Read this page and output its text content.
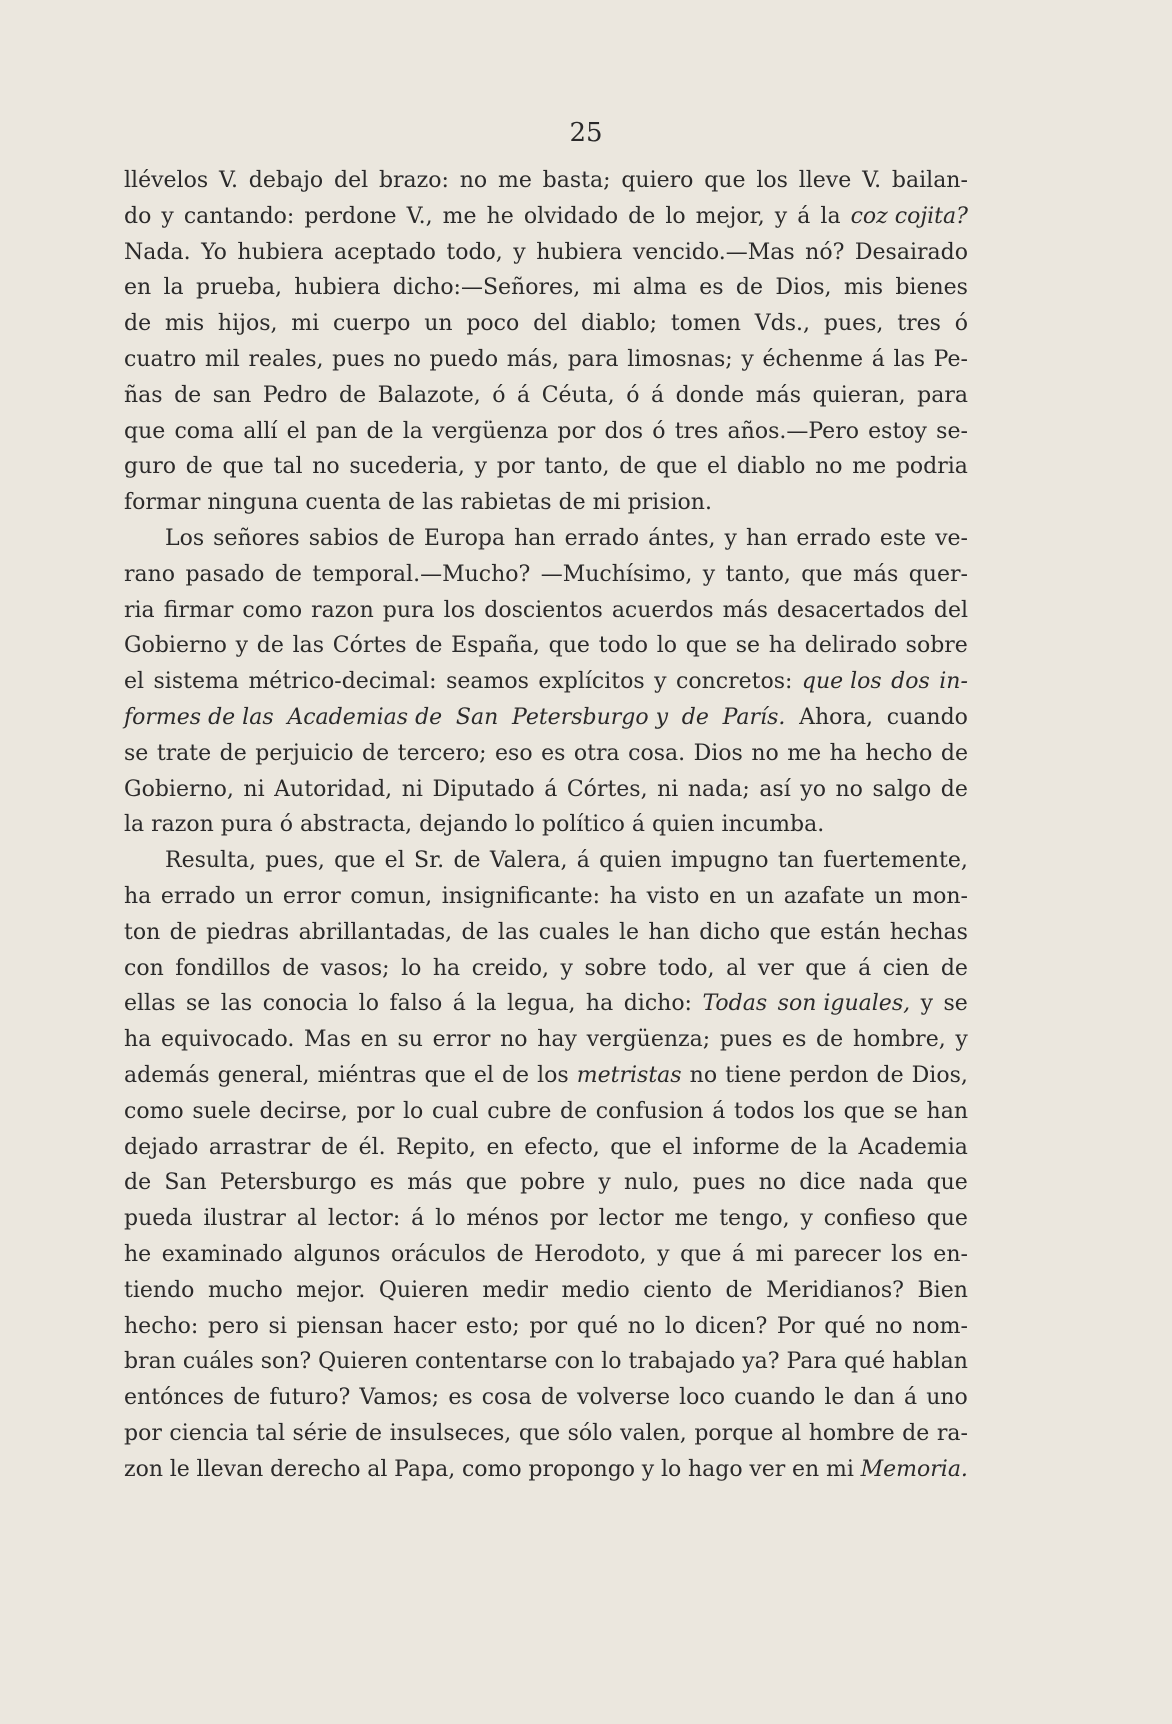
25
llévelos V. debajo del brazo: no me basta; quiero que los lleve V. bailan-
do y cantando: perdone V., me he olvidado de lo mejor, y á la coz cojita?
Nada. Yo hubiera aceptado todo, y hubiera vencido.—Mas nó? Desairado
en la prueba, hubiera dicho:—Señores, mi alma es de Dios, mis bienes
de mis hijos, mi cuerpo un poco del diablo; tomen Vds., pues, tres ó
cuatro mil reales, pues no puedo más, para limosnas; y échenme á las Pe-
ñas de san Pedro de Balazote, ó á Céuta, ó á donde más quieran, para
que coma allí el pan de la vergüenza por dos ó tres años.—Pero estoy se-
guro de que tal no sucederia, y por tanto, de que el diablo no me podria
formar ninguna cuenta de las rabietas de mi prision.
Los señores sabios de Europa han errado ántes, y han errado este ve-
rano pasado de temporal.—Mucho? —Muchísimo, y tanto, que más quer-
ria firmar como razon pura los doscientos acuerdos más desacertados del
Gobierno y de las Córtes de España, que todo lo que se ha delirado sobre
el sistema métrico-decimal: seamos explícitos y concretos: que los dos in-
formes de las Academias de San Petersburgo y de París. Ahora, cuando
se trate de perjuicio de tercero; eso es otra cosa. Dios no me ha hecho de
Gobierno, ni Autoridad, ni Diputado á Córtes, ni nada; así yo no salgo de
la razon pura ó abstracta, dejando lo político á quien incumba.
Resulta, pues, que el Sr. de Valera, á quien impugno tan fuertemente,
ha errado un error comun, insignificante: ha visto en un azafate un mon-
ton de piedras abrillantadas, de las cuales le han dicho que están hechas
con fondillos de vasos; lo ha creido, y sobre todo, al ver que á cien de
ellas se las conocia lo falso á la legua, ha dicho: Todas son iguales, y se
ha equivocado. Mas en su error no hay vergüenza; pues es de hombre, y
además general, miéntras que el de los metristas no tiene perdon de Dios,
como suele decirse, por lo cual cubre de confusion á todos los que se han
dejado arrastrar de él. Repito, en efecto, que el informe de la Academia
de San Petersburgo es más que pobre y nulo, pues no dice nada que
pueda ilustrar al lector: á lo ménos por lector me tengo, y confieso que
he examinado algunos oráculos de Herodoto, y que á mi parecer los en-
tiendo mucho mejor. Quieren medir medio ciento de Meridianos? Bien
hecho: pero si piensan hacer esto; por qué no lo dicen? Por qué no nom-
bran cuáles son? Quieren contentarse con lo trabajado ya? Para qué hablan
entónces de futuro? Vamos; es cosa de volverse loco cuando le dan á uno
por ciencia tal série de insulseces, que sólo valen, porque al hombre de ra-
zon le llevan derecho al Papa, como propongo y lo hago ver en mi Memoria.
